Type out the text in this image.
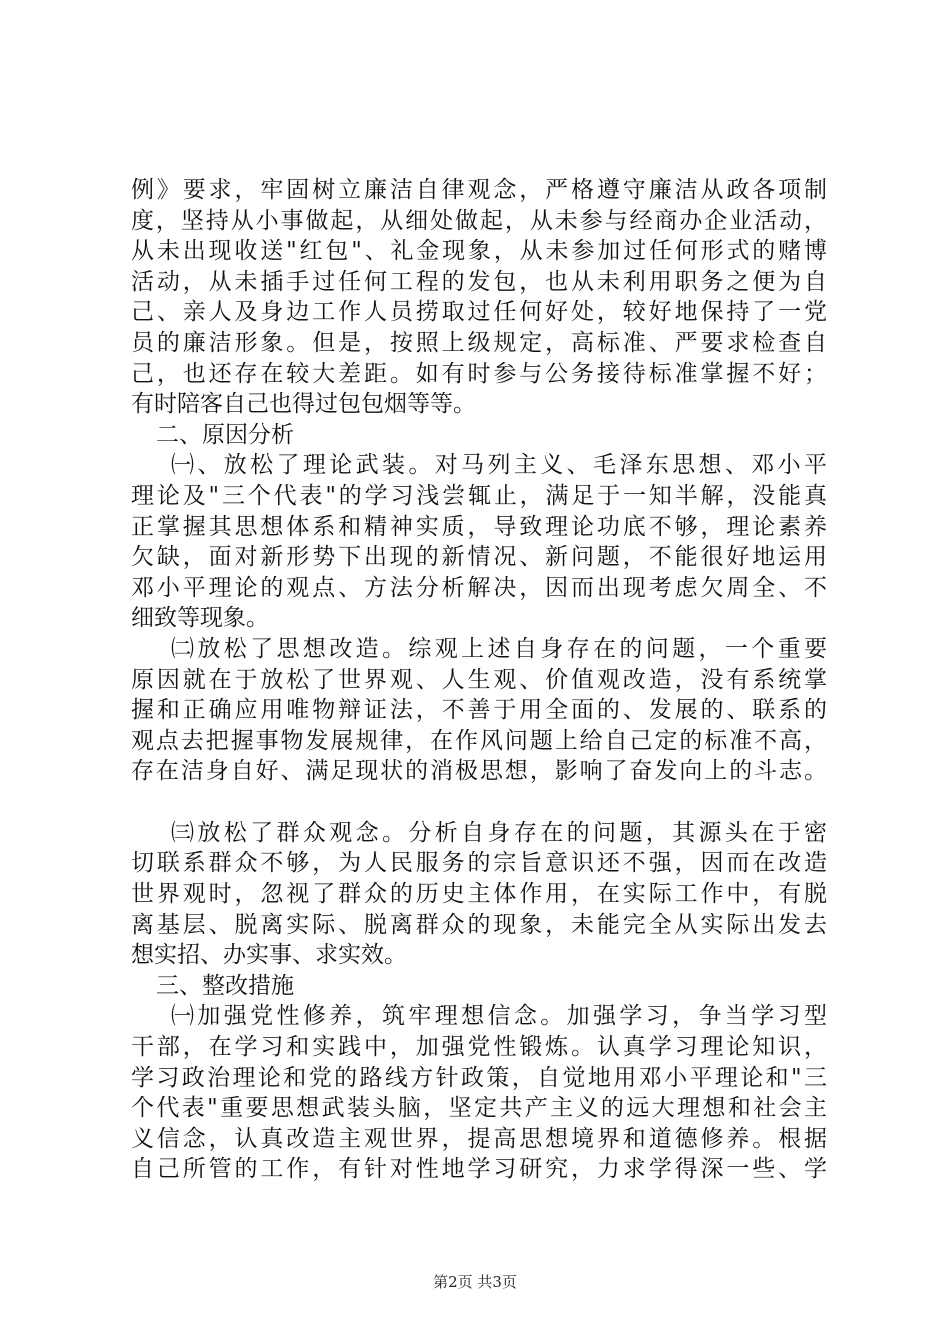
例》要求，牢固树立廉洁自律观念，严格遵守廉洁从政各项制
度，坚持从小事做起，从细处做起，从未参与经商办企业活动，
从未出现收送"红包"、礼金现象，从未参加过任何形式的赌博
活动，从未插手过任何工程的发包，也从未利用职务之便为自
己、亲人及身边工作人员捞取过任何好处，较好地保持了一党
员的廉洁形象。但是，按照上级规定，高标准、严要求检查自
己，也还存在较大差距。如有时参与公务接待标准掌握不好；
有时陪客自己也得过包包烟等等。
二、原因分析
㈠、放松了理论武装。对马列主义、毛泽东思想、邓小平
理论及"三个代表"的学习浅尝辄止，满足于一知半解，没能真
正掌握其思想体系和精神实质，导致理论功底不够，理论素养
欠缺，面对新形势下出现的新情况、新问题，不能很好地运用
邓小平理论的观点、方法分析解决，因而出现考虑欠周全、不
细致等现象。
㈡放松了思想改造。综观上述自身存在的问题，一个重要
原因就在于放松了世界观、人生观、价值观改造，没有系统掌
握和正确应用唯物辩证法，不善于用全面的、发展的、联系的
观点去把握事物发展规律，在作风问题上给自己定的标准不高，
存在洁身自好、满足现状的消极思想，影响了奋发向上的斗志。
㈢放松了群众观念。分析自身存在的问题，其源头在于密
切联系群众不够，为人民服务的宗旨意识还不强，因而在改造
世界观时，忽视了群众的历史主体作用，在实际工作中，有脱
离基层、脱离实际、脱离群众的现象，未能完全从实际出发去
想实招、办实事、求实效。
三、整改措施
㈠加强党性修养，筑牢理想信念。加强学习，争当学习型
干部，在学习和实践中，加强党性锻炼。认真学习理论知识，
学习政治理论和党的路线方针政策，自觉地用邓小平理论和"三
个代表"重要思想武装头脑，坚定共产主义的远大理想和社会主
义信念，认真改造主观世界，提高思想境界和道德修养。根据
自己所管的工作，有针对性地学习研究，力求学得深一些、学
第2页 共3页
